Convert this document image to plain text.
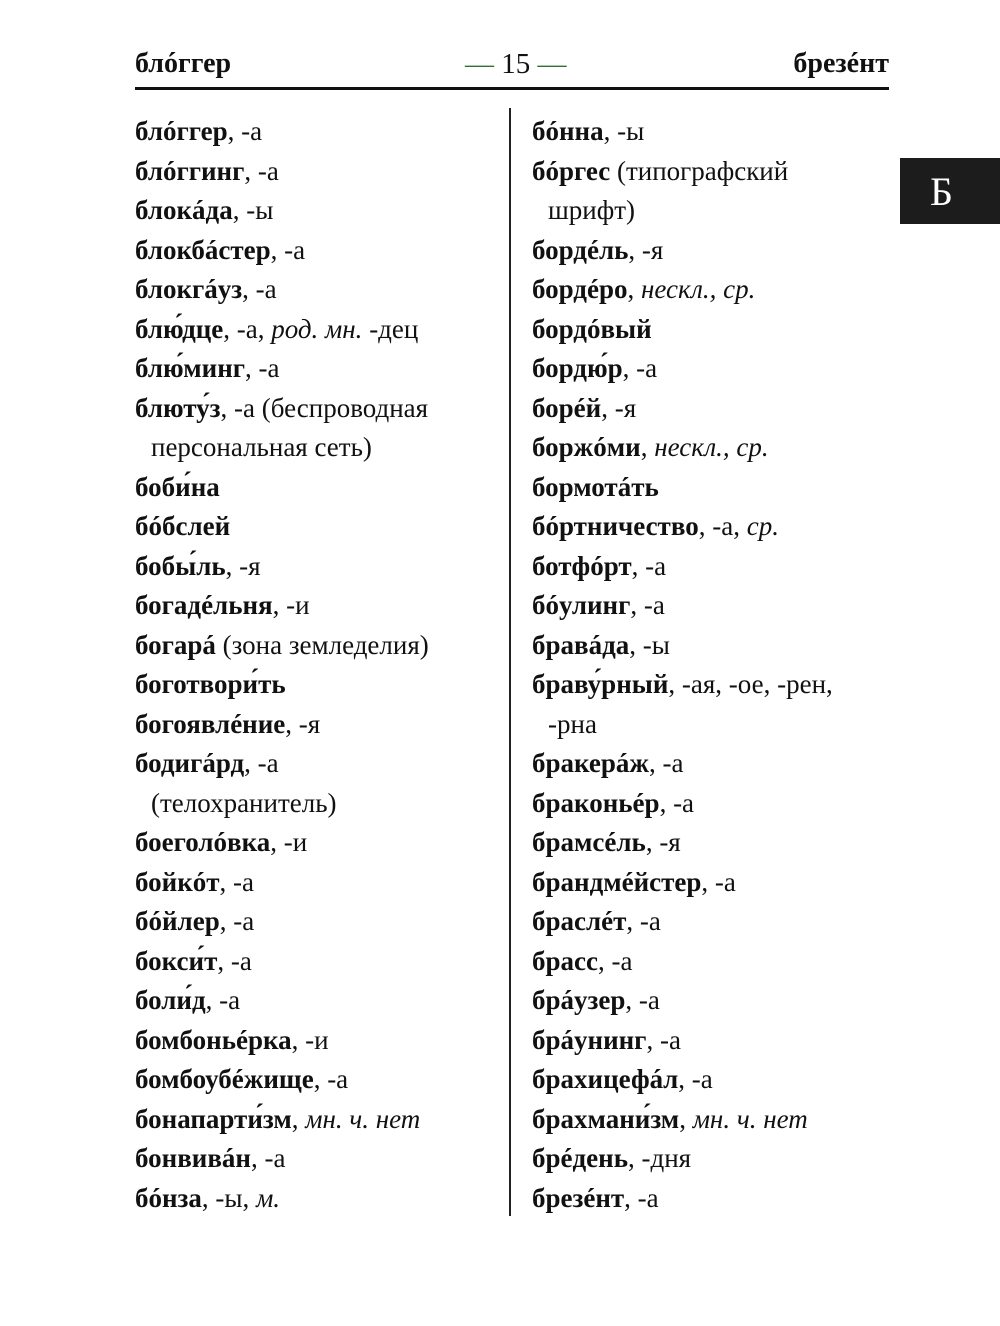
блóггер	— 15 —	брезéнт
блóггер, -а
блóггинг, -а
блокáда, -ы
блокбáстер, -а
блокгáуз, -а
блю́дце, -а, род. мн. -дец
блю́минг, -а
блюту́з, -а (беспроводная
персональная сеть)
боби́на
бóбслей
бобы́ль, -я
богадéльня, -и
богарá (зона земледелия)
боготвори́ть
богоявлéние, -я
бодигáрд, -а
(телохранитель)
боеголóвка, -и
бойкóт, -а
бóйлер, -а
бокси́т, -а
боли́д, -а
бомбоньéрка, -и
бомбоубéжище, -а
бонапарти́зм, мн. ч. нет
бонвивáн, -а
бóнза, -ы, м.
бóнна, -ы
бóргес (типографский
шрифт)
бордéль, -я
бордéро, нескл., ср.
бордóвый
бордю́р, -а
борéй, -я
боржóми, нескл., ср.
бормотáть
бóртничество, -а, ср.
ботфóрт, -а
бóулинг, -а
бравáда, -ы
браву́рный, -ая, -ое, -рен,
-рна
бракерáж, -а
браконьéр, -а
брамсéль, -я
брандмéйстер, -а
браслéт, -а
брасс, -а
брáузер, -а
брáунинг, -а
брахицефáл, -а
брахмани́зм, мн. ч. нет
брéдень, -дня
брезéнт, -а
Б
